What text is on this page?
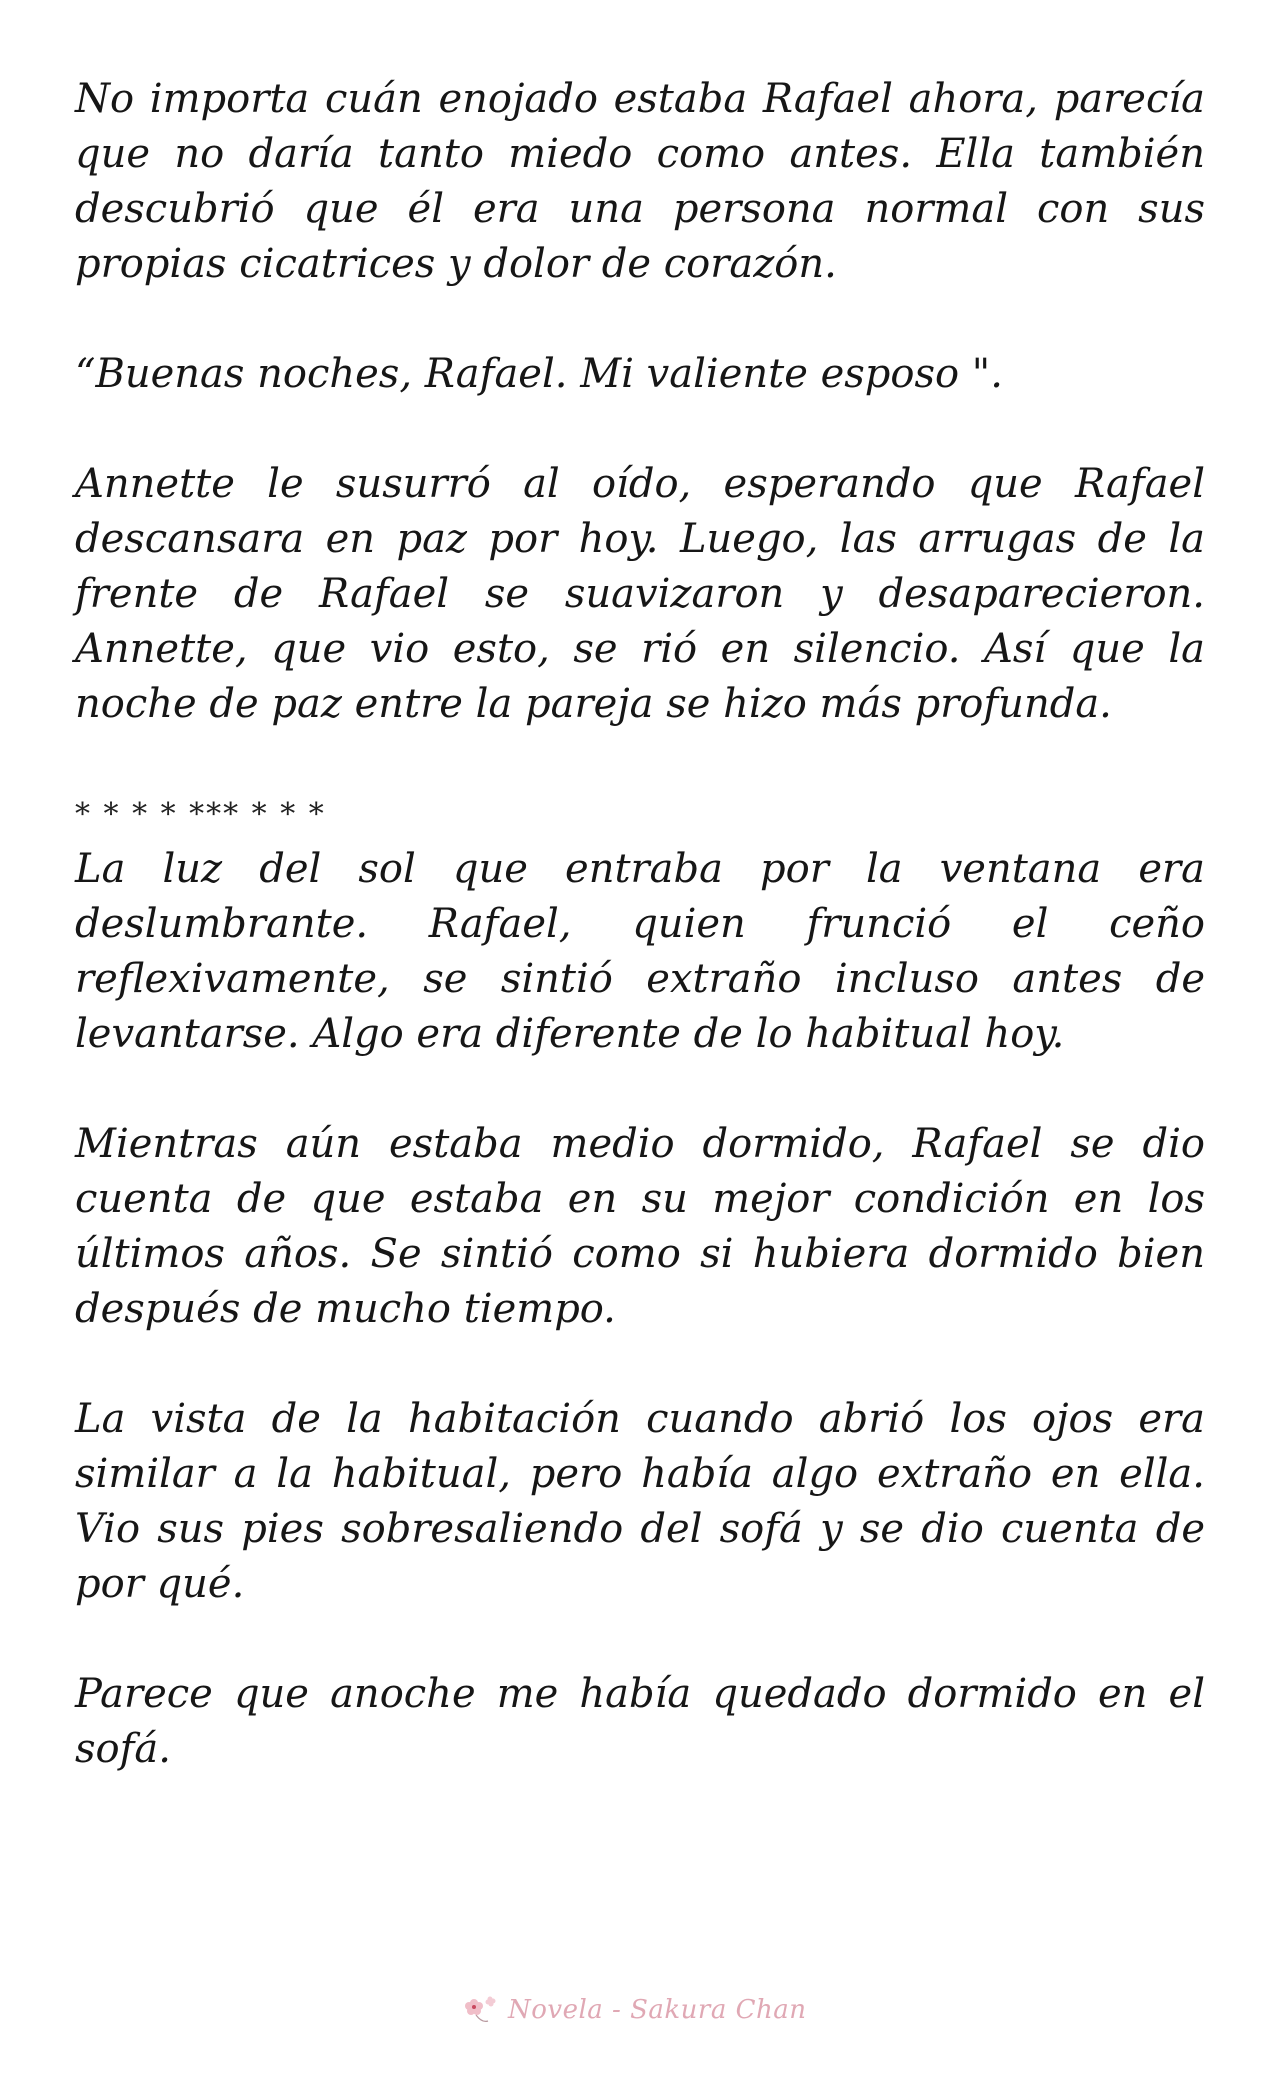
No importa cuán enojado estaba Rafael ahora, parecía que no daría tanto miedo como antes. Ella también descubrió que él era una persona normal con sus propias cicatrices y dolor de corazón.

“Buenas noches, Rafael. Mi valiente esposo ".

Annette le susurró al oído, esperando que Rafael descansara en paz por hoy. Luego, las arrugas de la frente de Rafael se suavizaron y desaparecieron. Annette, que vio esto, se rió en silencio. Así que la noche de paz entre la pareja se hizo más profunda.

* * * * *** * * *

La luz del sol que entraba por la ventana era deslumbrante. Rafael, quien frunció el ceño reflexivamente, se sintió extraño incluso antes de levantarse. Algo era diferente de lo habitual hoy.

Mientras aún estaba medio dormido, Rafael se dio cuenta de que estaba en su mejor condición en los últimos años. Se sintió como si hubiera dormido bien después de mucho tiempo.

La vista de la habitación cuando abrió los ojos era similar a la habitual, pero había algo extraño en ella. Vio sus pies sobresaliendo del sofá y se dio cuenta de por qué.

Parece que anoche me había quedado dormido en el sofá.

Novela - Sakura Chan
